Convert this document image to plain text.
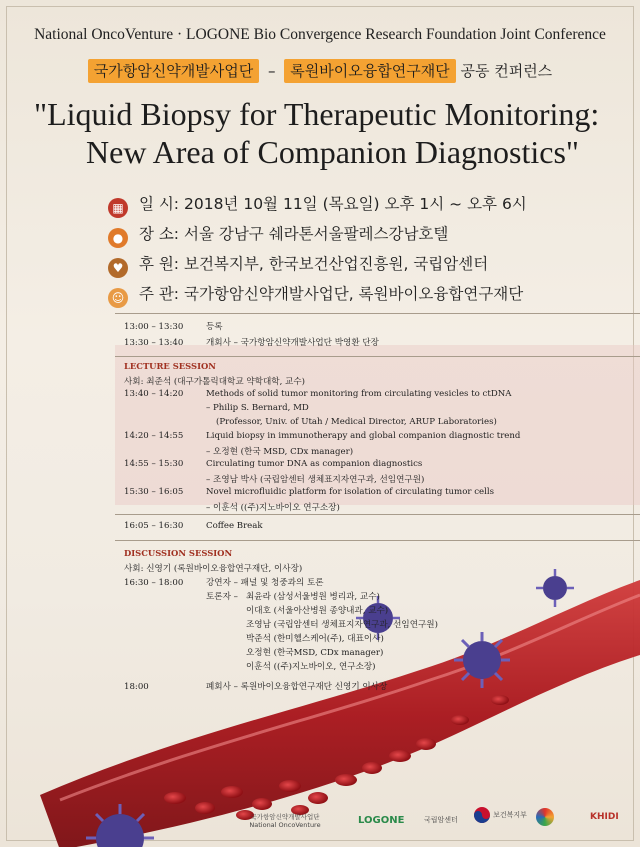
National OncoVenture · LOGONE Bio Convergence Research Foundation Joint Conference
국가항암신약개발사업단 – 록원바이오융합연구재단 공동 컨퍼런스
"Liquid Biopsy for Therapeutic Monitoring:
New Area of Companion Diagnostics"
▦ 일 시: 2018년 10월 11일 (목요일) 오후 1시 ~ 오후 6시
● 장 소: 서울 강남구 쉐라톤서울팔레스강남호텔
♥ 후 원: 보건복지부, 한국보건산업진흥원, 국립암센터
☺ 주 관: 국가항암신약개발사업단, 록원바이오융합연구재단
13:00 – 13:30	등록
13:30 – 13:40	개회사 – 국가항암신약개발사업단 박영환 단장
LECTURE SESSION
사회: 최준석 (대구가톨릭대학교 약학대학, 교수)
13:40 – 14:20	Methods of solid tumor monitoring from circulating vesicles to ctDNA
– Philip S. Bernard, MD
(Professor, Univ. of Utah / Medical Director, ARUP Laboratories)
14:20 – 14:55	Liquid biopsy in immunotherapy and global companion diagnostic trend
– 오정현 (한국 MSD, CDx manager)
14:55 – 15:30	Circulating tumor DNA as companion diagnostics
– 조영남 박사 (국립암센터 생체표지자연구과, 선임연구원)
15:30 – 16:05	Novel microfluidic platform for isolation of circulating tumor cells
– 이훈석 ((주)지노바이오 연구소장)
16:05 – 16:30	Coffee Break
DISCUSSION SESSION
사회: 신영기 (록원바이오융합연구재단, 이사장)
16:30 – 18:00	강연자 – 패널 및 청중과의 토론
토론자 – 최윤라 (삼성서울병원 병리과, 교수)
이대호 (서울아산병원 종양내과, 교수)
조영남 (국립암센터 생체표지자연구과, 선임연구원)
박준석 (한미헬스케어(주), 대표이사)
오정현 (한국MSD, CDx manager)
이훈석 ((주)지노바이오, 연구소장)
18:00	폐회사 – 록원바이오융합연구재단 신영기 이사장
국가항암신약개발사업단
National OncoVenture	LOGONE	국립암센터
보건복지부	KHIDI
